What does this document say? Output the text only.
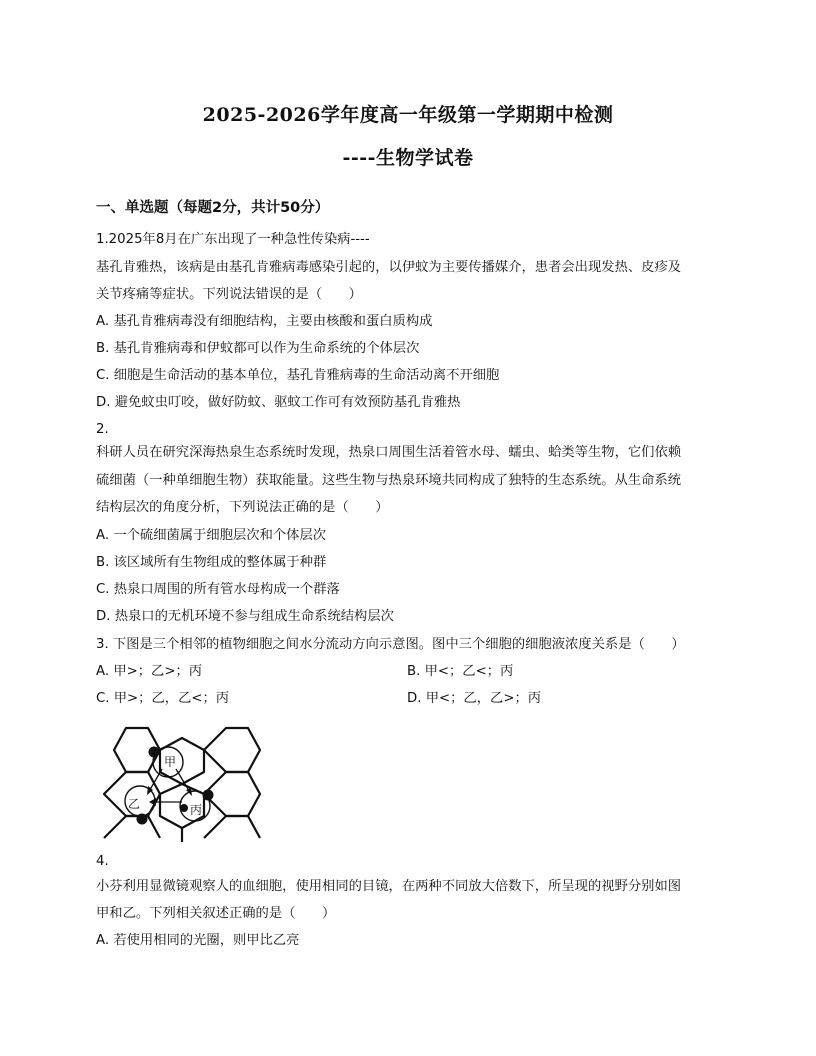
2025-2026学年度高一年级第一学期期中检测
----生物学试卷
一、单选题（每题2分，共计50分）
1.2025年8月在广东出现了一种急性传染病----
基孔肯雅热，该病是由基孔肯雅病毒感染引起的，以伊蚊为主要传播媒介，患者会出现发热、皮疹及
关节疼痛等症状。下列说法错误的是（　　）
A. 基孔肯雅病毒没有细胞结构，主要由核酸和蛋白质构成
B. 基孔肯雅病毒和伊蚊都可以作为生命系统的个体层次
C. 细胞是生命活动的基本单位，基孔肯雅病毒的生命活动离不开细胞
D. 避免蚊虫叮咬，做好防蚊、驱蚊工作可有效预防基孔肯雅热
2.
科研人员在研究深海热泉生态系统时发现，热泉口周围生活着管水母、蠕虫、蛤类等生物，它们依赖
硫细菌（一种单细胞生物）获取能量。这些生物与热泉环境共同构成了独特的生态系统。从生命系统
结构层次的角度分析，下列说法正确的是（　　）
A. 一个硫细菌属于细胞层次和个体层次
B. 该区域所有生物组成的整体属于种群
C. 热泉口周围的所有管水母构成一个群落
D. 热泉口的无机环境不参与组成生命系统结构层次
3. 下图是三个相邻的植物细胞之间水分流动方向示意图。图中三个细胞的细胞液浓度关系是（　　）
A. 甲>；乙>；丙	B. 甲<；乙<；丙
C. 甲>；乙，乙<；丙	D. 甲<；乙，乙>；丙
甲
乙	丙
4.
小芬利用显微镜观察人的血细胞，使用相同的目镜，在两种不同放大倍数下，所呈现的视野分别如图
甲和乙。下列相关叙述正确的是（　　）
A. 若使用相同的光圈，则甲比乙亮
